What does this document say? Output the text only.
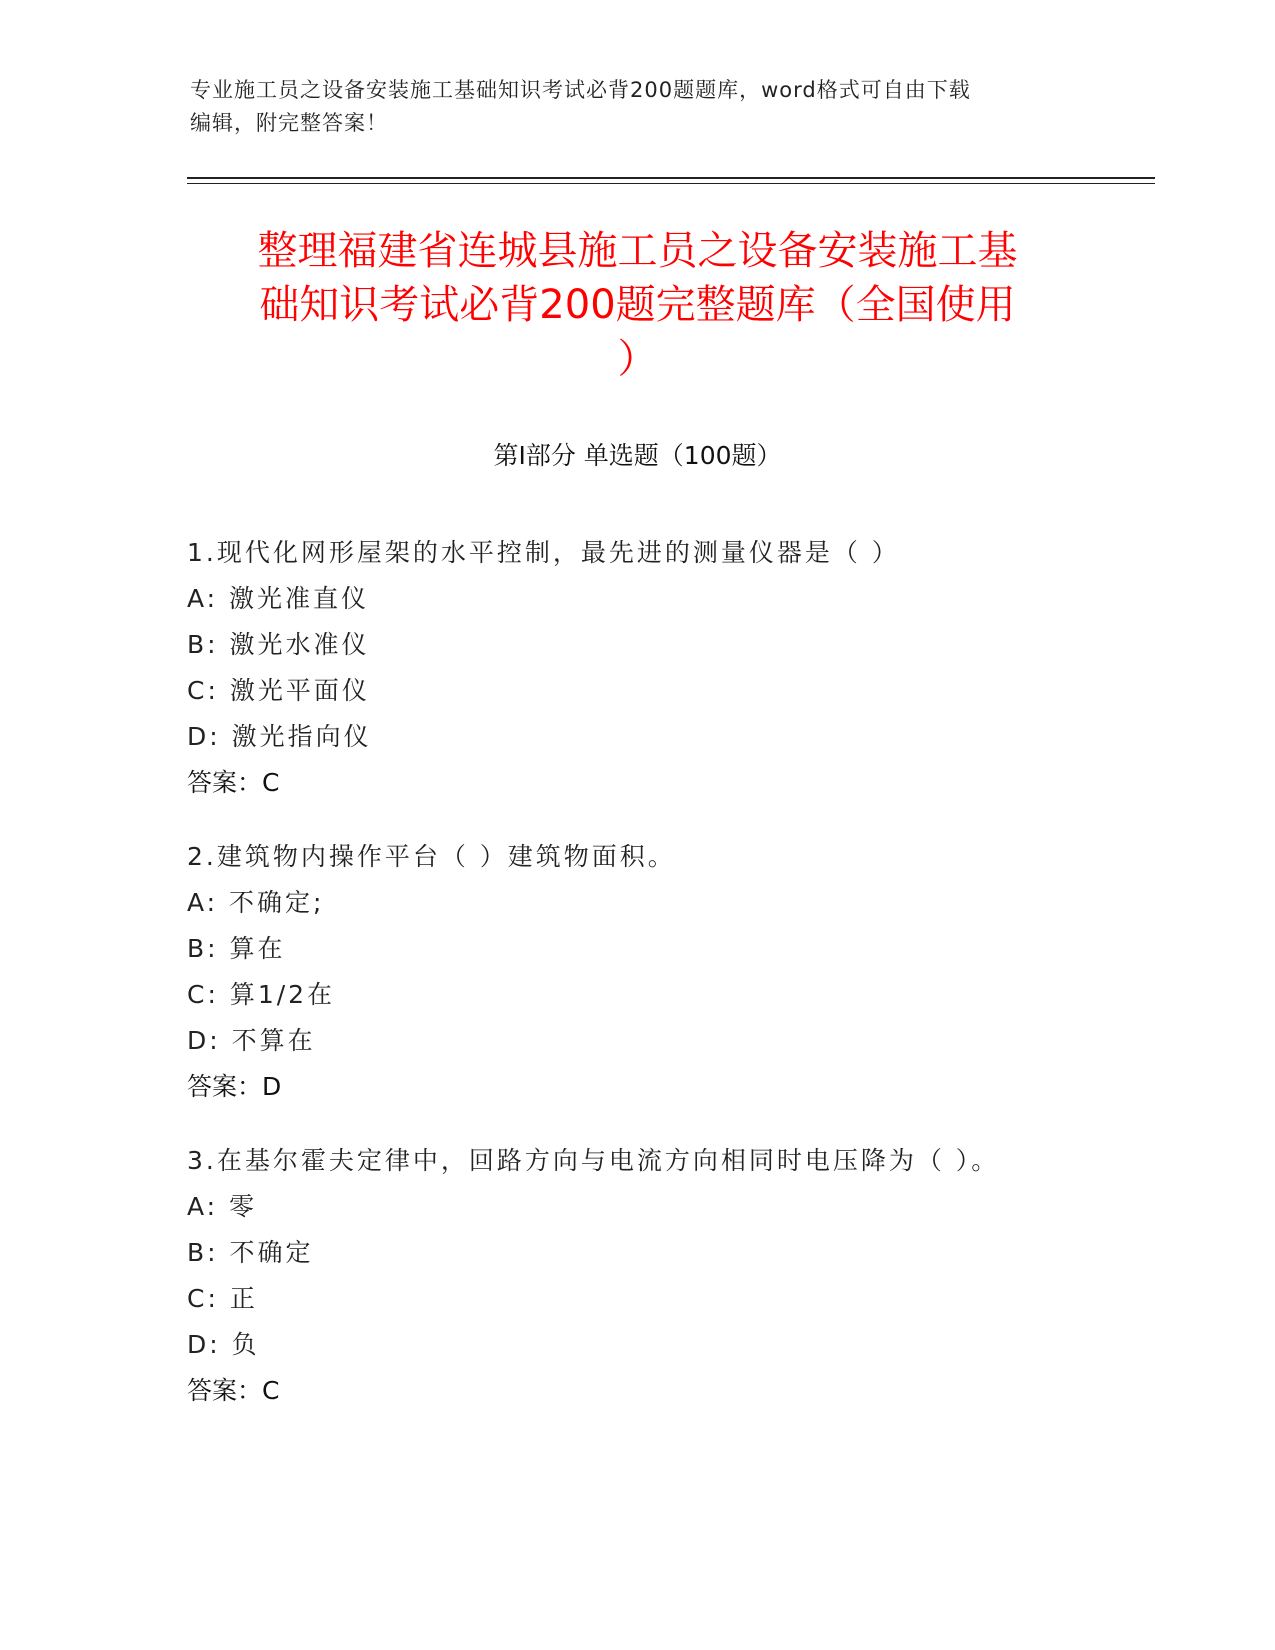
专业施工员之设备安装施工基础知识考试必背200题题库，word格式可自由下载

编辑，附完整答案！

整理福建省连城县施工员之设备安装施工基
础知识考试必背200题完整题库（全国使用
）
第Ⅰ部分 单选题（100题）
1.现代化网形屋架的水平控制，最先进的测量仪器是（ ）
A: 激光准直仪
B: 激光水准仪
C: 激光平面仪
D: 激光指向仪
答案：C
2.建筑物内操作平台（ ）建筑物面积。
A: 不确定;
B: 算在
C: 算1/2在
D: 不算在
答案：D
3.在基尔霍夫定律中，回路方向与电流方向相同时电压降为（ ）。
A: 零
B: 不确定
C: 正
D: 负
答案：C
